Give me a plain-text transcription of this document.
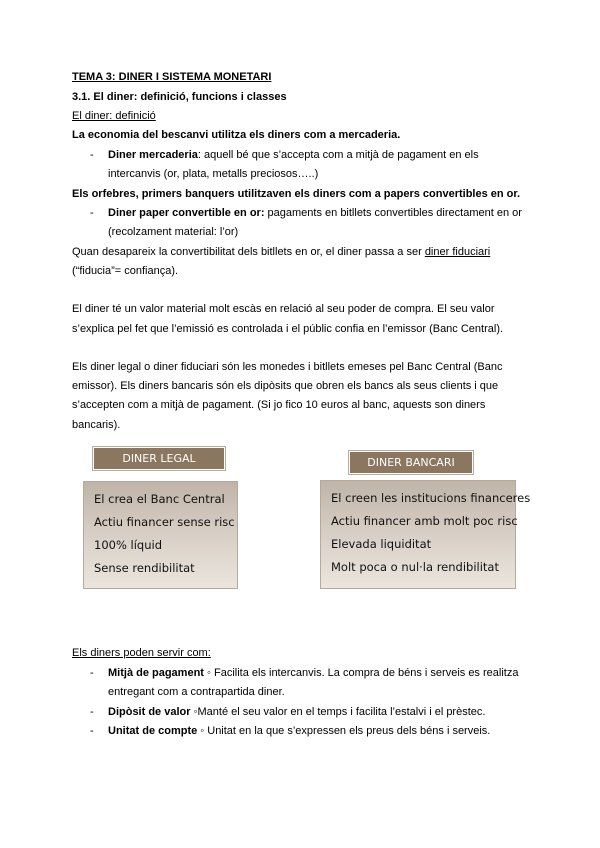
TEMA 3: DINER I SISTEMA MONETARI
3.1. El diner: definició, funcions i classes
El diner: definició
La economia del bescanvi utilitza els diners com a mercaderia.
- Diner mercaderia: aquell bé que s’accepta com a mitjà de pagament en els
intercanvis (or, plata, metalls preciosos…..)
Els orfebres, primers banquers utilitzaven els diners com a papers convertibles en or.
- Diner paper convertible en or: pagaments en bitllets convertibles directament en or
(recolzament material: l’or)
Quan desapareix la convertibilitat dels bitllets en or, el diner passa a ser diner fiduciari
(“fiducia”= confiança).
El diner té un valor material molt escàs en relació al seu poder de compra. El seu valor
s’explica pel fet que l’emissió es controlada i el públic confia en l’emissor (Banc Central).
Els diner legal o diner fiduciari són les monedes i bitllets emeses pel Banc Central (Banc
emissor). Els diners bancaris són els dipòsits que obren els bancs als seus clients i que
s’accepten com a mitjà de pagament. (Si jo fico 10 euros al banc, aquests son diners
bancaris).
DINER LEGAL
El crea el Banc Central
Actiu financer sense risc
100% líquid
Sense rendibilitat
DINER BANCARI
El creen les institucions financeres
Actiu financer amb molt poc risc
Elevada liquiditat
Molt poca o nul·la rendibilitat
Els diners poden servir com:
- Mitjà de pagament ◦ Facilita els intercanvis. La compra de béns i serveis es realitza
entregant com a contrapartida diner.
- Dipòsit de valor ◦Manté el seu valor en el temps i facilita l’estalvi i el prèstec.
- Unitat de compte ◦ Unitat en la que s’expressen els preus dels béns i serveis.
